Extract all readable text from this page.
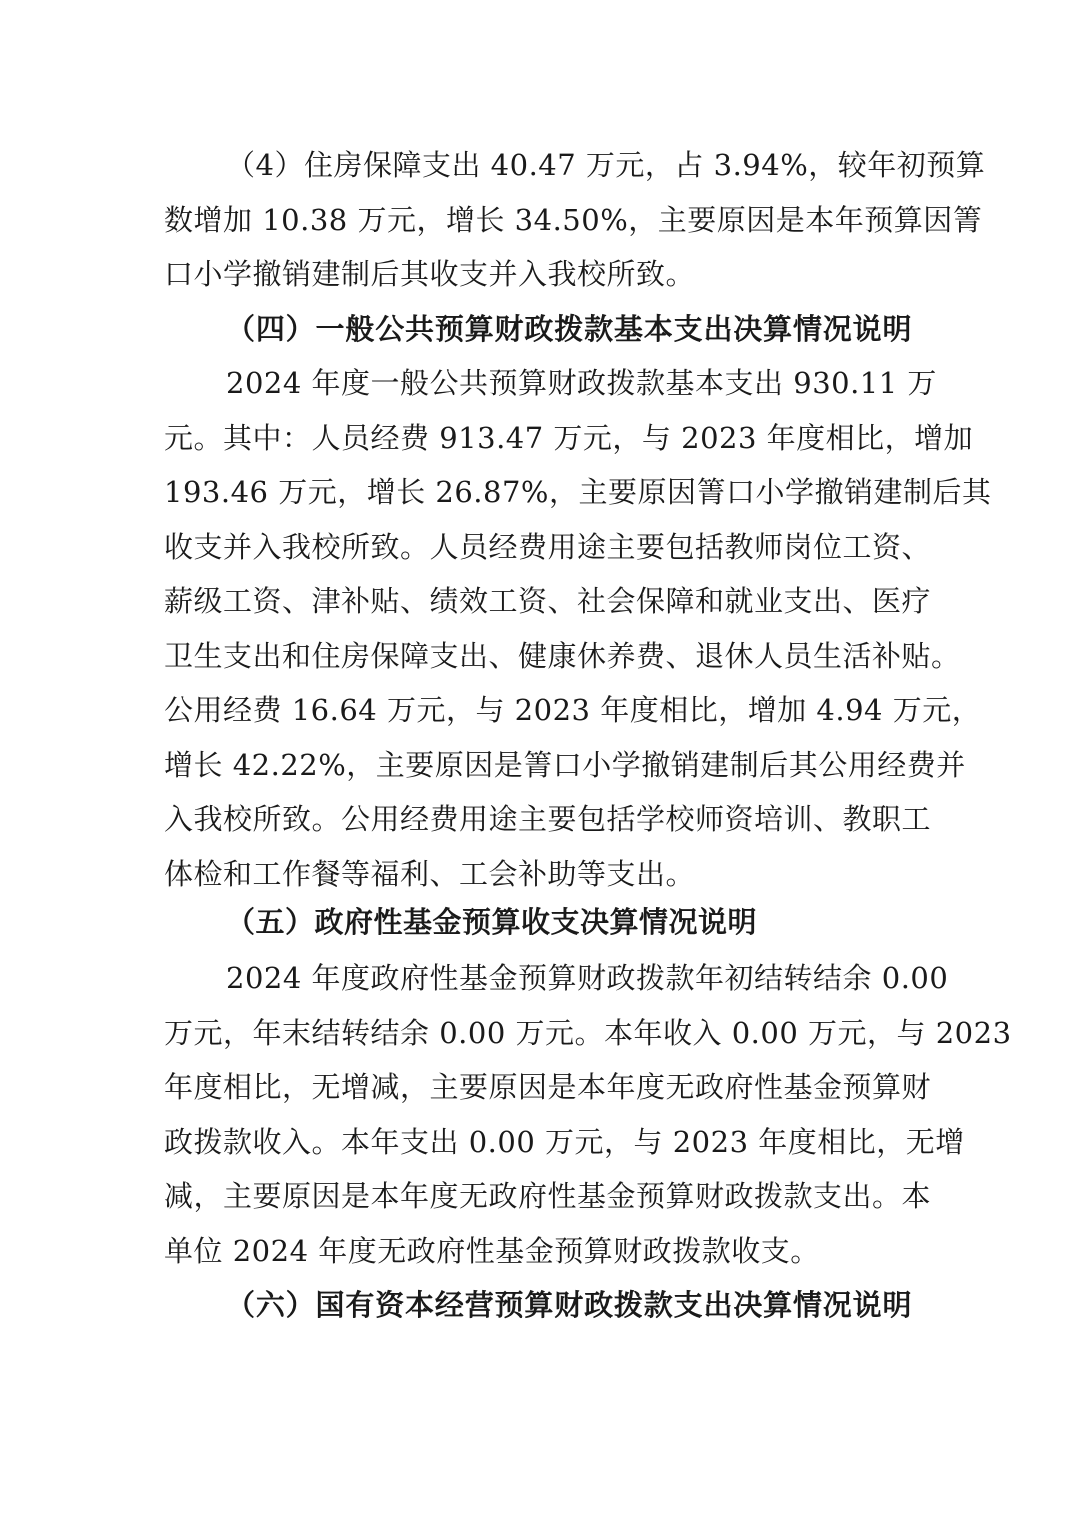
（4）住房保障支出 40.47 万元，占 3.94%，较年初预算
数增加 10.38 万元，增长 34.50%，主要原因是本年预算因箐
口小学撤销建制后其收支并入我校所致。
（四）一般公共预算财政拨款基本支出决算情况说明
2024 年度一般公共预算财政拨款基本支出 930.11 万
元。其中：人员经费 913.47 万元，与 2023 年度相比，增加
193.46 万元，增长 26.87%，主要原因箐口小学撤销建制后其
收支并入我校所致。人员经费用途主要包括教师岗位工资、
薪级工资、津补贴、绩效工资、社会保障和就业支出、医疗
卫生支出和住房保障支出、健康休养费、退休人员生活补贴。
公用经费 16.64 万元，与 2023 年度相比，增加 4.94 万元，
增长 42.22%，主要原因是箐口小学撤销建制后其公用经费并
入我校所致。公用经费用途主要包括学校师资培训、教职工
体检和工作餐等福利、工会补助等支出。
（五）政府性基金预算收支决算情况说明
2024 年度政府性基金预算财政拨款年初结转结余 0.00
万元，年末结转结余 0.00 万元。本年收入 0.00 万元，与 2023
年度相比，无增减，主要原因是本年度无政府性基金预算财
政拨款收入。本年支出 0.00 万元，与 2023 年度相比，无增
减，主要原因是本年度无政府性基金预算财政拨款支出。本
单位 2024 年度无政府性基金预算财政拨款收支。
（六）国有资本经营预算财政拨款支出决算情况说明
